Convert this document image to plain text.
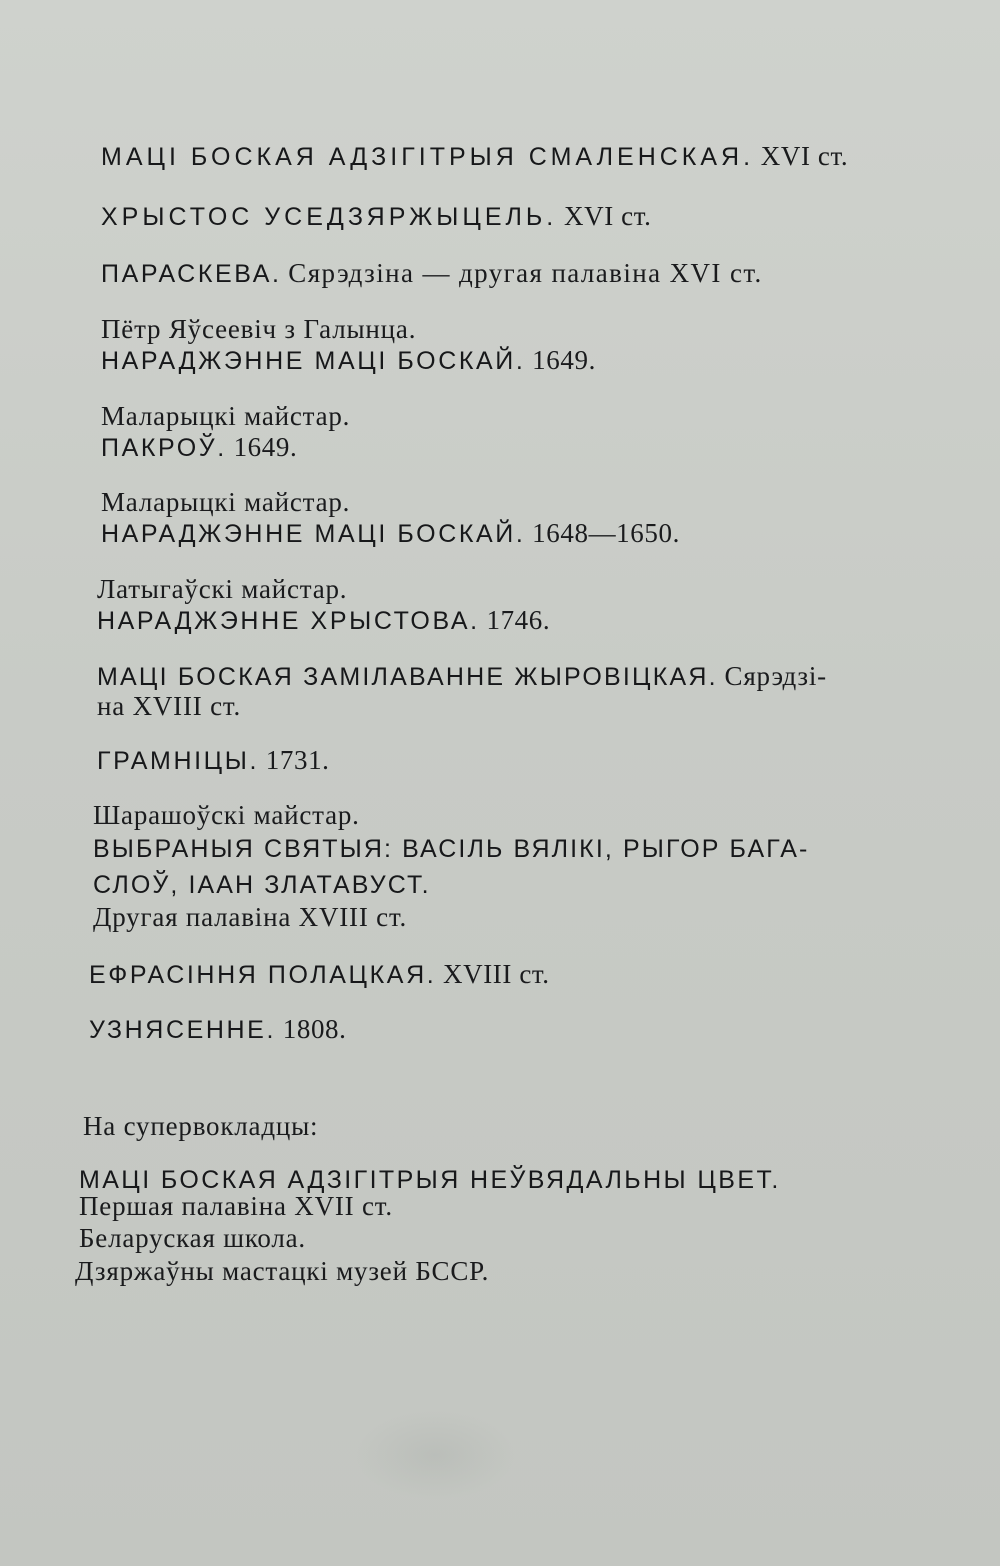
МАЦІ БОСКАЯ АДЗІГІТРЫЯ СМАЛЕНСКАЯ. XVI ст.
ХРЫСТОС УСЕДЗЯРЖЫЦЕЛЬ. XVI ст.
ПАРАСКЕВА. Сярэдзіна — другая палавіна XVI ст.
Пётр Яўсеевіч з Галынца.
НАРАДЖЭННЕ МАЦІ БОСКАЙ. 1649.
Маларыцкі майстар.
ПАКРОЎ. 1649.
Маларыцкі майстар.
НАРАДЖЭННЕ МАЦІ БОСКАЙ. 1648—1650.
Латыгаўскі майстар.
НАРАДЖЭННЕ ХРЫСТОВА. 1746.
МАЦІ БОСКАЯ ЗАМІЛАВАННЕ ЖЫРОВІЦКАЯ. Сярэдзі-
на XVIII ст.
ГРАМНІЦЫ. 1731.
Шарашоўскі майстар.
ВЫБРАНЫЯ СВЯТЫЯ: ВАСІЛЬ ВЯЛІКІ, РЫГОР БАГА-
СЛОЎ, ІААН ЗЛАТАВУСТ.
Другая палавіна XVIII ст.
ЕФРАСІННЯ ПОЛАЦКАЯ. XVIII ст.
УЗНЯСЕННЕ. 1808.
На супервокладцы:
МАЦІ БОСКАЯ АДЗІГІТРЫЯ НЕЎВЯДАЛЬНЫ ЦВЕТ.
Першая палавіна XVII ст.
Беларуская школа.
Дзяржаўны мастацкі музей БССР.
